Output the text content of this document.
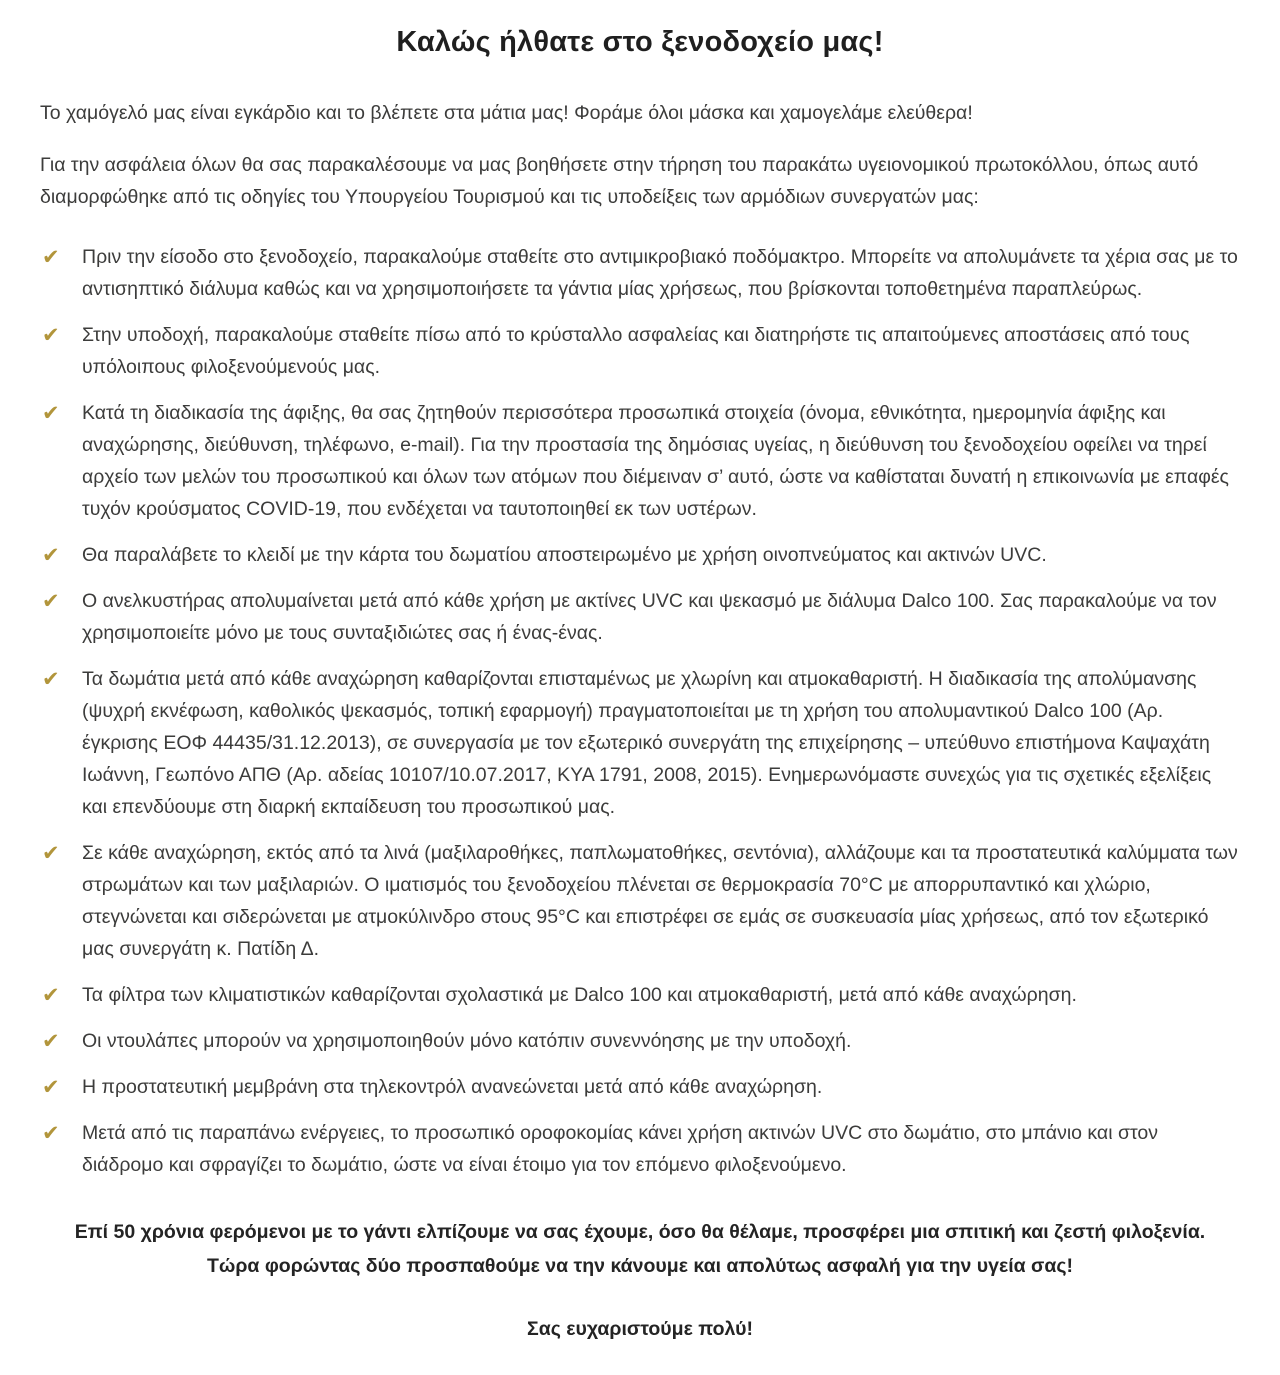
Καλώς ήλθατε στο ξενοδοχείο μας!

Το χαμόγελό μας είναι εγκάρδιο και το βλέπετε στα μάτια μας! Φοράμε όλοι μάσκα και χαμογελάμε ελεύθερα!

Για την ασφάλεια όλων θα σας παρακαλέσουμε να μας βοηθήσετε στην τήρηση του παρακάτω υγειονομικού πρωτοκόλλου, όπως αυτό διαμορφώθηκε από τις οδηγίες του Υπουργείου Τουρισμού και τις υποδείξεις των αρμόδιων συνεργατών μας:

✔ Πριν την είσοδο στο ξενοδοχείο, παρακαλούμε σταθείτε στο αντιμικροβιακό ποδόμακτρο. Μπορείτε να απολυμάνετε τα χέρια σας με το αντισηπτικό διάλυμα καθώς και να χρησιμοποιήσετε τα γάντια μίας χρήσεως, που βρίσκονται τοποθετημένα παραπλεύρως.
✔ Στην υποδοχή, παρακαλούμε σταθείτε πίσω από το κρύσταλλο ασφαλείας και διατηρήστε τις απαιτούμενες αποστάσεις από τους υπόλοιπους φιλοξενούμενούς μας.
✔ Κατά τη διαδικασία της άφιξης, θα σας ζητηθούν περισσότερα προσωπικά στοιχεία (όνομα, εθνικότητα, ημερομηνία άφιξης και αναχώρησης, διεύθυνση, τηλέφωνο, e-mail). Για την προστασία της δημόσιας υγείας, η διεύθυνση του ξενοδοχείου οφείλει να τηρεί αρχείο των μελών του προσωπικού και όλων των ατόμων που διέμειναν σ’ αυτό, ώστε να καθίσταται δυνατή η επικοινωνία με επαφές τυχόν κρούσματος COVID-19, που ενδέχεται να ταυτοποιηθεί εκ των υστέρων.
✔ Θα παραλάβετε το κλειδί με την κάρτα του δωματίου αποστειρωμένο με χρήση οινοπνεύματος και ακτινών UVC.
✔ Ο ανελκυστήρας απολυμαίνεται μετά από κάθε χρήση με ακτίνες UVC και ψεκασμό με διάλυμα Dalco 100. Σας παρακαλούμε να τον χρησιμοποιείτε μόνο με τους συνταξιδιώτες σας ή ένας-ένας.
✔ Τα δωμάτια μετά από κάθε αναχώρηση καθαρίζονται επισταμένως με χλωρίνη και ατμοκαθαριστή. Η διαδικασία της απολύμανσης (ψυχρή εκνέφωση, καθολικός ψεκασμός, τοπική εφαρμογή) πραγματοποιείται με τη χρήση του απολυμαντικού Dalco 100 (Αρ. έγκρισης ΕΟΦ 44435/31.12.2013), σε συνεργασία με τον εξωτερικό συνεργάτη της επιχείρησης – υπεύθυνο επιστήμονα Καψαχάτη Ιωάννη, Γεωπόνο ΑΠΘ (Αρ. αδείας 10107/10.07.2017, ΚΥΑ 1791, 2008, 2015). Ενημερωνόμαστε συνεχώς για τις σχετικές εξελίξεις και επενδύουμε στη διαρκή εκπαίδευση του προσωπικού μας.
✔ Σε κάθε αναχώρηση, εκτός από τα λινά (μαξιλαροθήκες, παπλωματοθήκες, σεντόνια), αλλάζουμε και τα προστατευτικά καλύμματα των στρωμάτων και των μαξιλαριών. Ο ιματισμός του ξενοδοχείου πλένεται σε θερμοκρασία 70°C με απορρυπαντικό και χλώριο, στεγνώνεται και σιδερώνεται με ατμοκύλινδρο στους 95°C και επιστρέφει σε εμάς σε συσκευασία μίας χρήσεως, από τον εξωτερικό μας συνεργάτη κ. Πατίδη Δ.
✔ Τα φίλτρα των κλιματιστικών καθαρίζονται σχολαστικά με Dalco 100 και ατμοκαθαριστή, μετά από κάθε αναχώρηση.
✔ Οι ντουλάπες μπορούν να χρησιμοποιηθούν μόνο κατόπιν συνεννόησης με την υποδοχή.
✔ Η προστατευτική μεμβράνη στα τηλεκοντρόλ ανανεώνεται μετά από κάθε αναχώρηση.
✔ Μετά από τις παραπάνω ενέργειες, το προσωπικό οροφοκομίας κάνει χρήση ακτινών UVC στο δωμάτιο, στο μπάνιο και στον διάδρομο και σφραγίζει το δωμάτιο, ώστε να είναι έτοιμο για τον επόμενο φιλοξενούμενο.

Επί 50 χρόνια φερόμενοι με το γάντι ελπίζουμε να σας έχουμε, όσο θα θέλαμε, προσφέρει μια σπιτική και ζεστή φιλοξενία. Τώρα φορώντας δύο προσπαθούμε να την κάνουμε και απολύτως ασφαλή για την υγεία σας!

Σας ευχαριστούμε πολύ!
